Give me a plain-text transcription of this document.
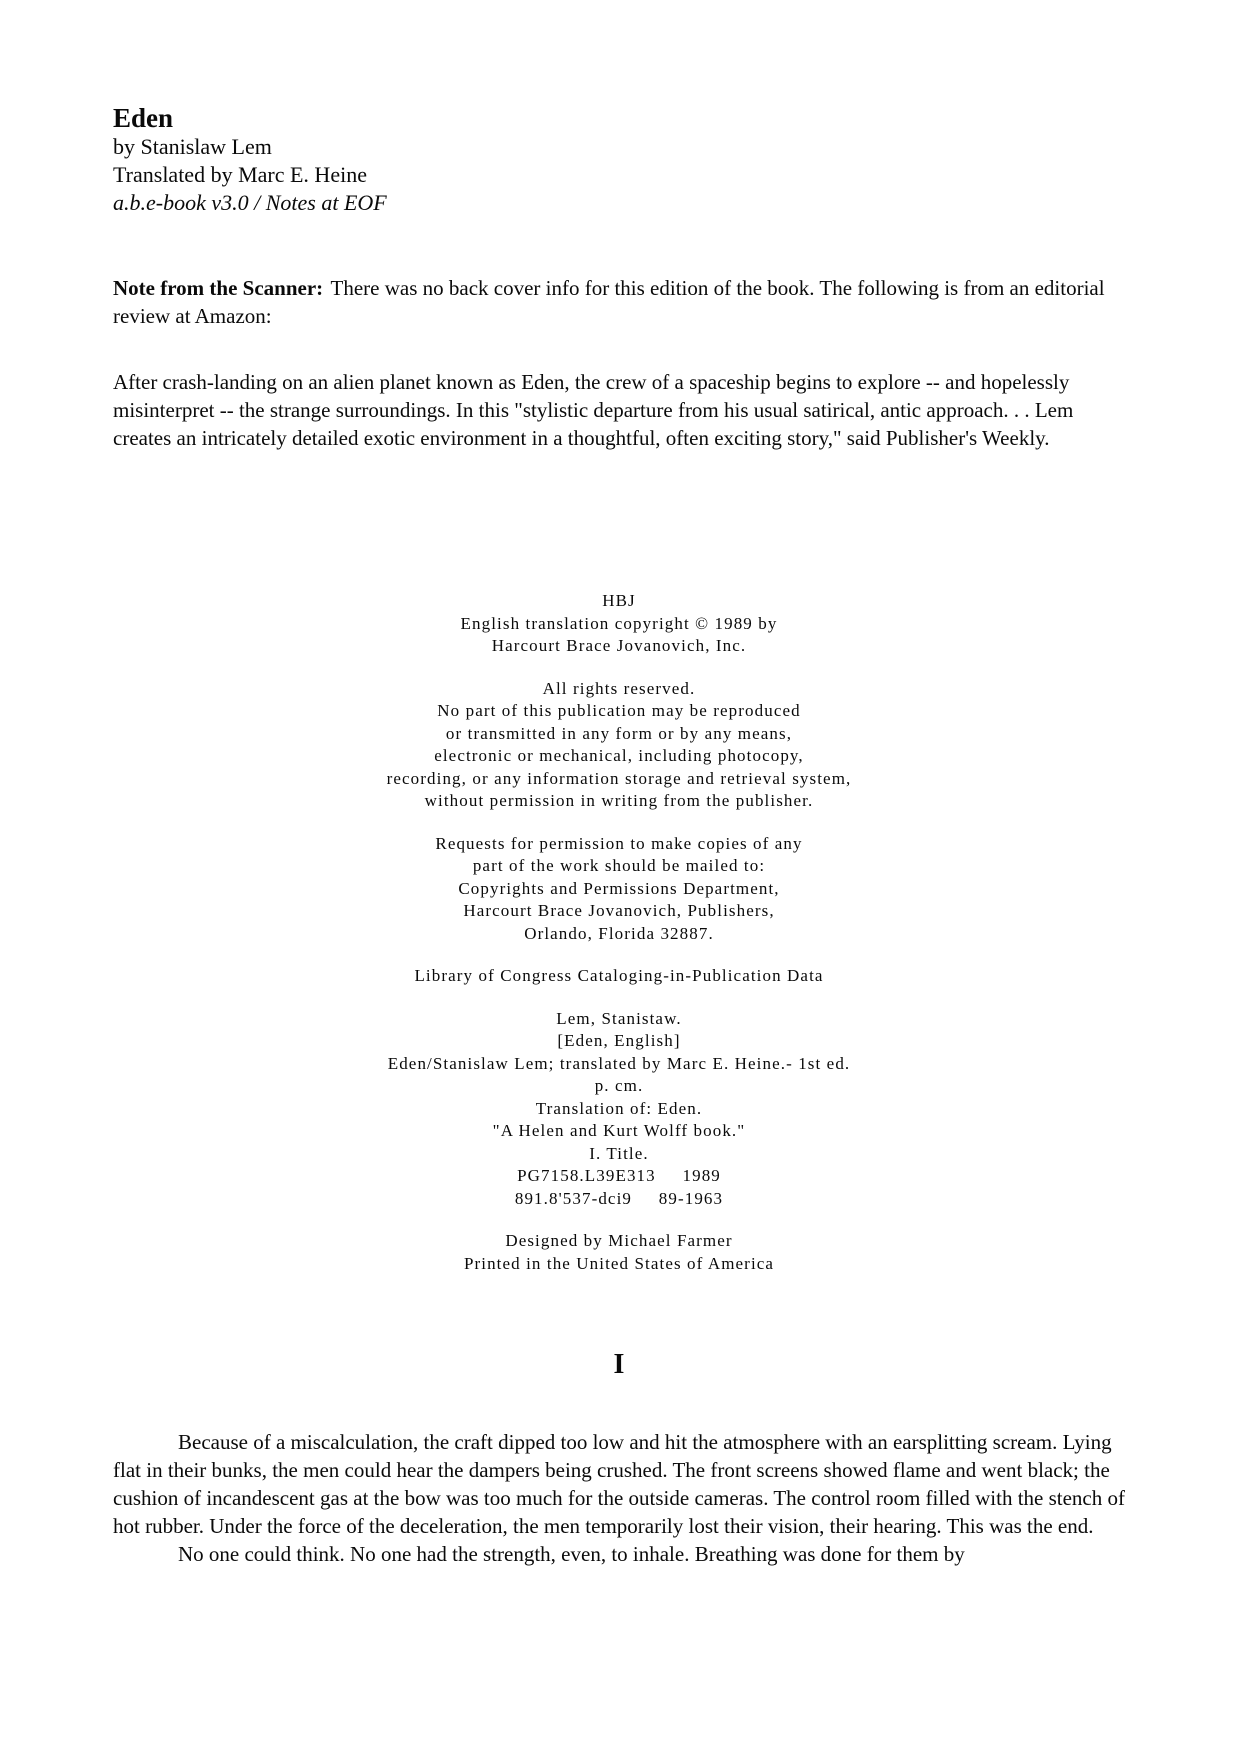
Eden

by Stanislaw Lem

Translated by Marc E. Heine

a.b.e-book v3.0 / Notes at EOF

Note from the Scanner: There was no back cover info for this edition of the book. The following is from an editorial review at Amazon:

After crash-landing on an alien planet known as Eden, the crew of a spaceship begins to explore -- and hopelessly misinterpret -- the strange surroundings. In this "stylistic departure from his usual satirical, antic approach. . . Lem creates an intricately detailed exotic environment in a thoughtful, often exciting story," said Publisher's Weekly.

HBJ
English translation copyright © 1989 by
Harcourt Brace Jovanovich, Inc.
All rights reserved.
No part of this publication may be reproduced
or transmitted in any form or by any means,
electronic or mechanical, including photocopy,
recording, or any information storage and retrieval system,
without permission in writing from the publisher.
Requests for permission to make copies of any
part of the work should be mailed to:
Copyrights and Permissions Department,
Harcourt Brace Jovanovich, Publishers,
Orlando, Florida 32887.
Library of Congress Cataloging-in-Publication Data
Lem, Stanistaw.
[Eden, English]
Eden/Stanislaw Lem; translated by Marc E. Heine.- 1st ed.
p. cm.
Translation of: Eden.
"A Helen and Kurt Wolff book."
I. Title.
PG7158.L39E313     1989
891.8'537-dci9     89-1963
Designed by Michael Farmer
Printed in the United States of America
I

Because of a miscalculation, the craft dipped too low and hit the atmosphere with an earsplitting scream. Lying flat in their bunks, the men could hear the dampers being crushed. The front screens showed flame and went black; the cushion of incandescent gas at the bow was too much for the outside cameras. The control room filled with the stench of hot rubber. Under the force of the deceleration, the men temporarily lost their vision, their hearing. This was the end.

No one could think. No one had the strength, even, to inhale. Breathing was done for them by
